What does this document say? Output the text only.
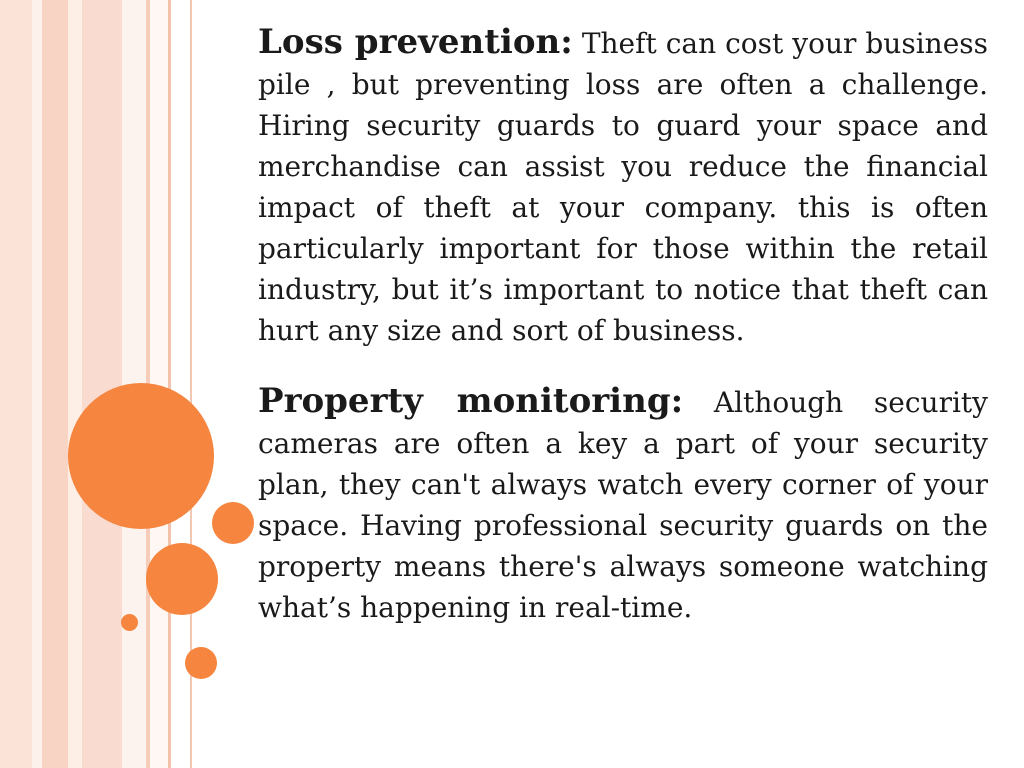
Loss prevention: Theft can cost your business pile , but preventing loss are often a challenge. Hiring security guards to guard your space and merchandise can assist you reduce the financial impact of theft at your company. this is often particularly important for those within the retail industry, but it’s important to notice that theft can hurt any size and sort of business.

Property monitoring: Although security cameras are often a key a part of your security plan, they can't always watch every corner of your space. Having professional security guards on the property means there's always someone watching what’s happening in real-time.
